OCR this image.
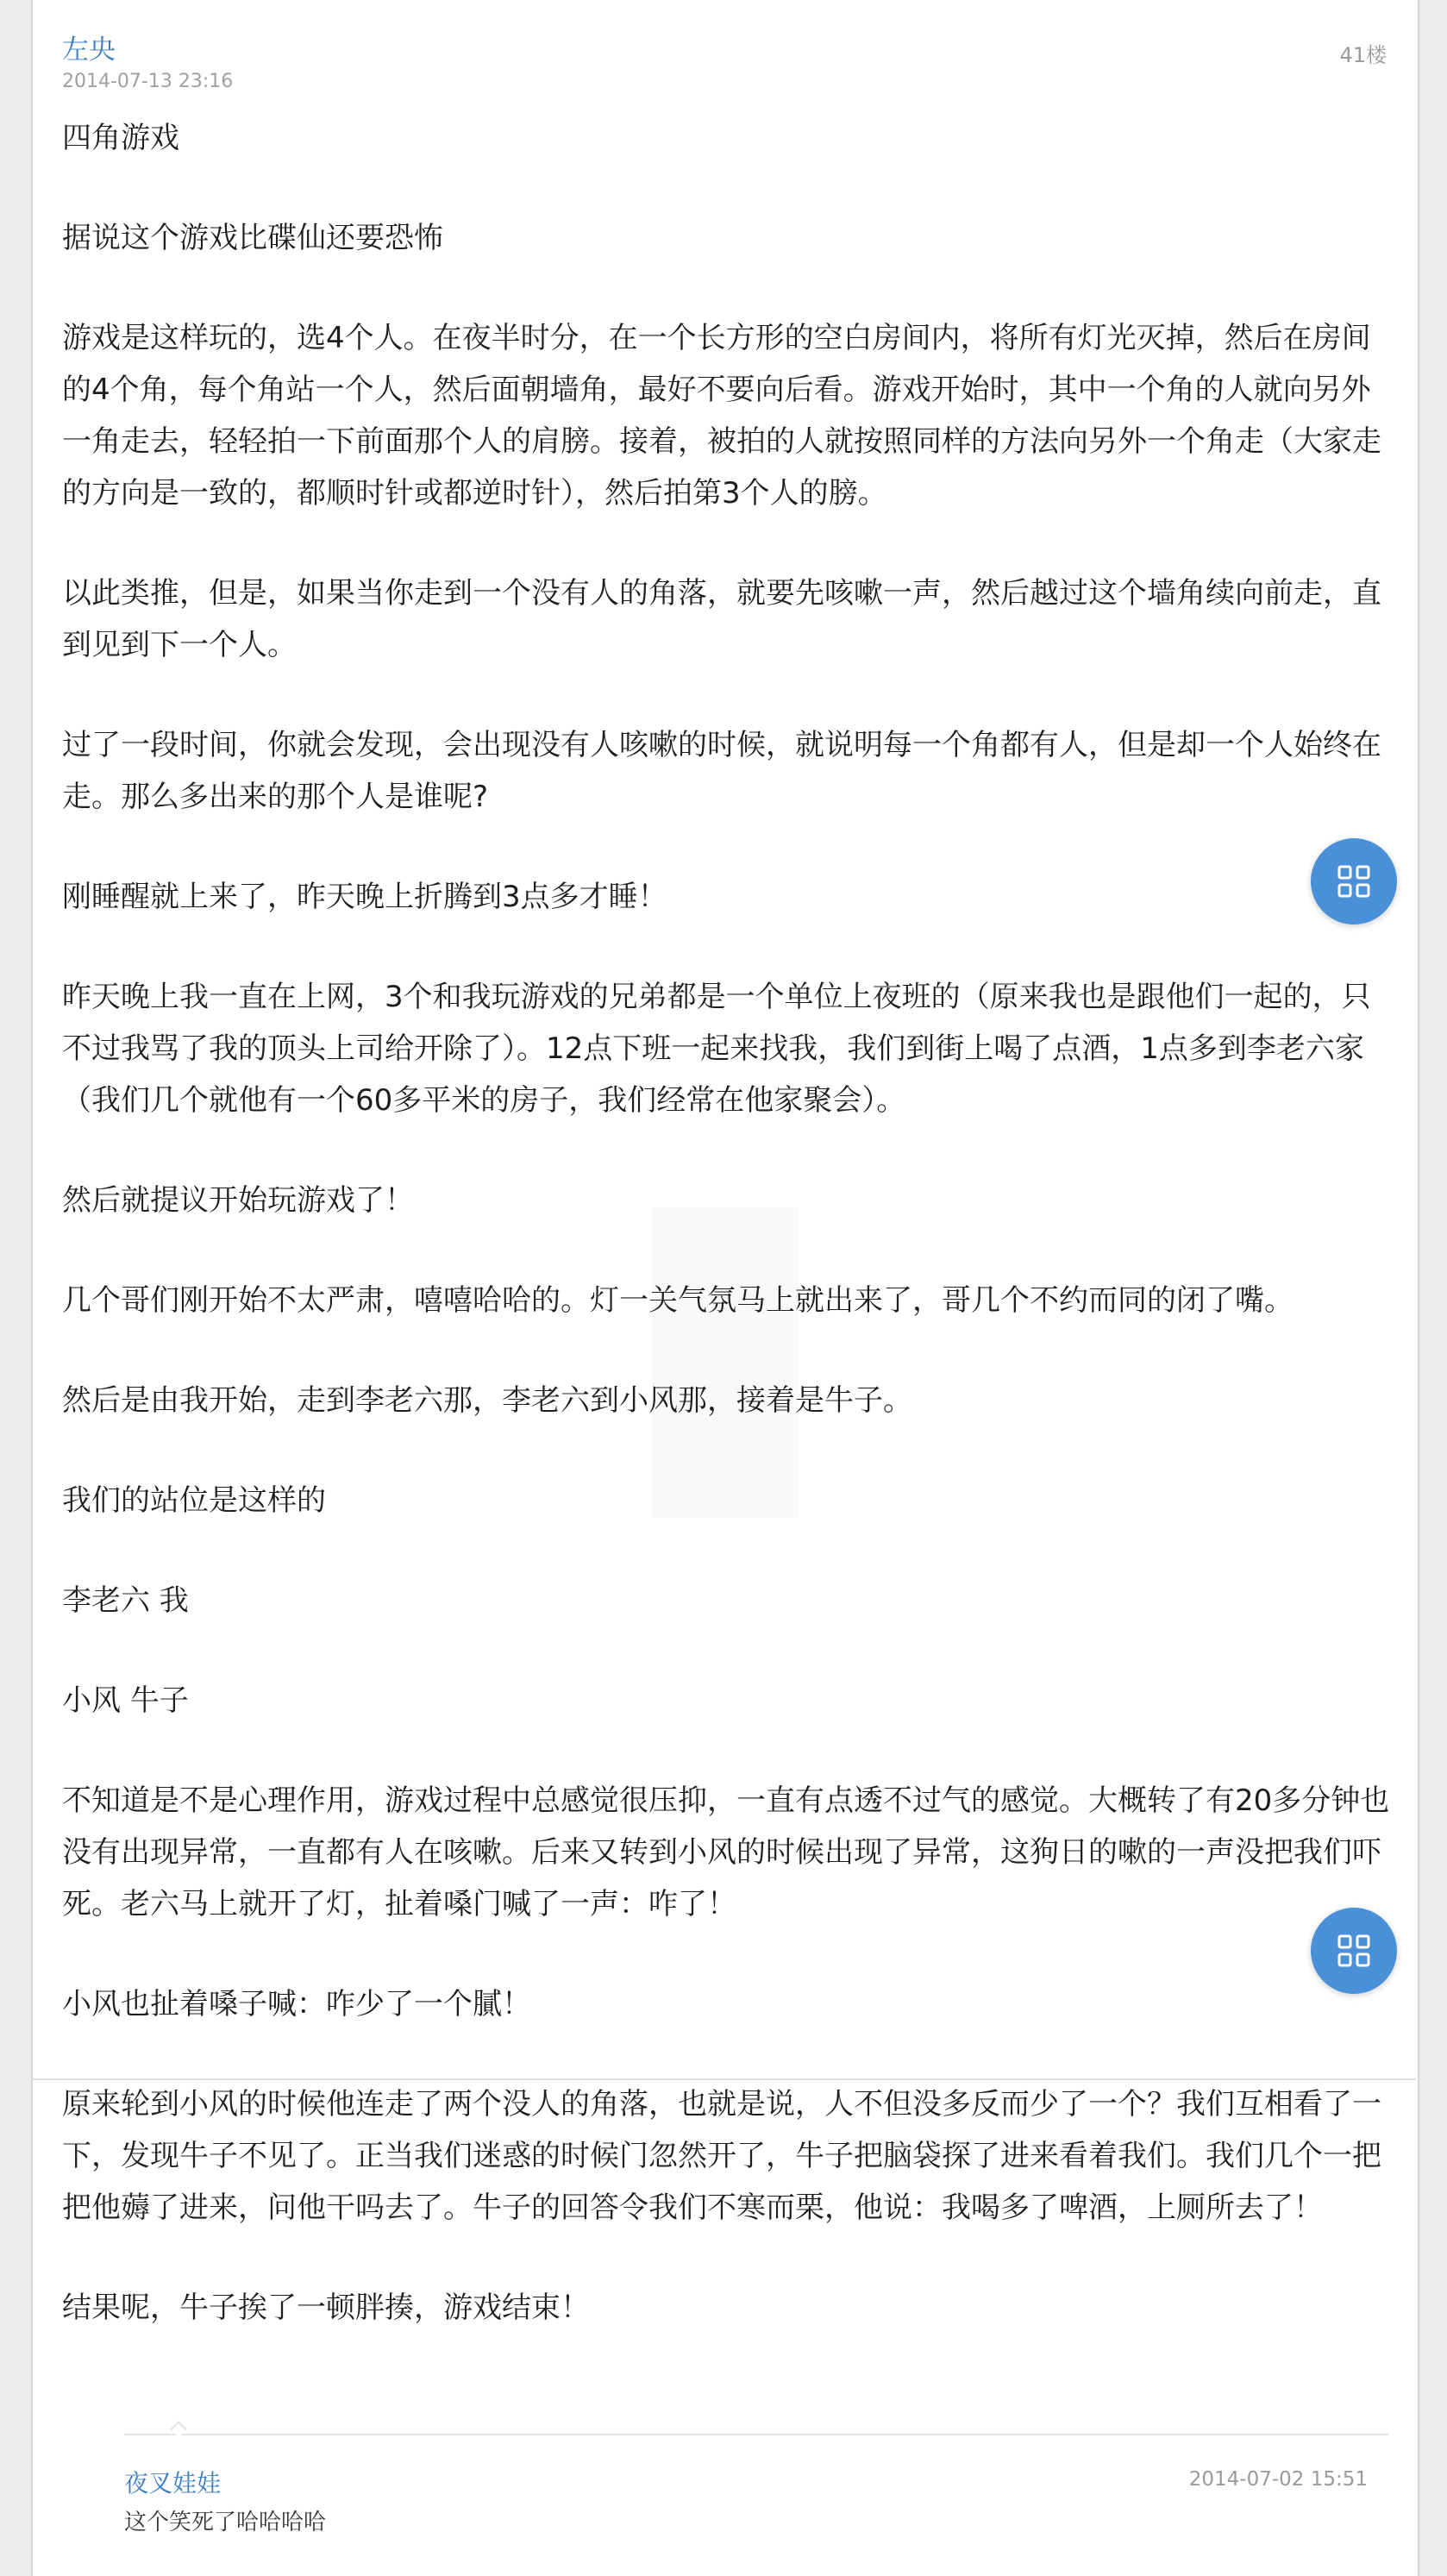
左央	41楼
2014-07-13 23:16

四角游戏

据说这个游戏比碟仙还要恐怖

游戏是这样玩的，选4个人。在夜半时分，在一个长方形的空白房间内，将所有灯光灭掉，然后在房间的4个角，每个角站一个人，然后面朝墙角，最好不要向后看。游戏开始时，其中一个角的人就向另外一角走去，轻轻拍一下前面那个人的肩膀。接着，被拍的人就按照同样的方法向另外一个角走（大家走的方向是一致的，都顺时针或都逆时针），然后拍第3个人的膀。

以此类推，但是，如果当你走到一个没有人的角落，就要先咳嗽一声，然后越过这个墙角续向前走，直到见到下一个人。

过了一段时间，你就会发现，会出现没有人咳嗽的时候，就说明每一个角都有人，但是却一个人始终在走。那么多出来的那个人是谁呢?

刚睡醒就上来了，昨天晚上折腾到3点多才睡！

昨天晚上我一直在上网，3个和我玩游戏的兄弟都是一个单位上夜班的（原来我也是跟他们一起的，只不过我骂了我的顶头上司给开除了）。12点下班一起来找我，我们到街上喝了点酒，1点多到李老六家（我们几个就他有一个60多平米的房子，我们经常在他家聚会）。

然后就提议开始玩游戏了！

几个哥们刚开始不太严肃，嘻嘻哈哈的。灯一关气氛马上就出来了，哥几个不约而同的闭了嘴。

然后是由我开始，走到李老六那，李老六到小风那，接着是牛子。

我们的站位是这样的

李老六 我

小风 牛子

不知道是不是心理作用，游戏过程中总感觉很压抑，一直有点透不过气的感觉。大概转了有20多分钟也没有出现异常，一直都有人在咳嗽。后来又转到小风的时候出现了异常，这狗日的嗽的一声没把我们吓死。老六马上就开了灯，扯着嗓门喊了一声：咋了！

小风也扯着嗓子喊：咋少了一个膩！

原来轮到小风的时候他连走了两个没人的角落，也就是说，人不但没多反而少了一个？我们互相看了一下，发现牛子不见了。正当我们迷惑的时候门忽然开了，牛子把脑袋探了进来看着我们。我们几个一把把他薅了进来，问他干吗去了。牛子的回答令我们不寒而栗，他说：我喝多了啤酒，上厕所去了！

结果呢，牛子挨了一顿胖揍，游戏结束！

夜叉娃娃	2014-07-02 15:51
这个笑死了哈哈哈哈
